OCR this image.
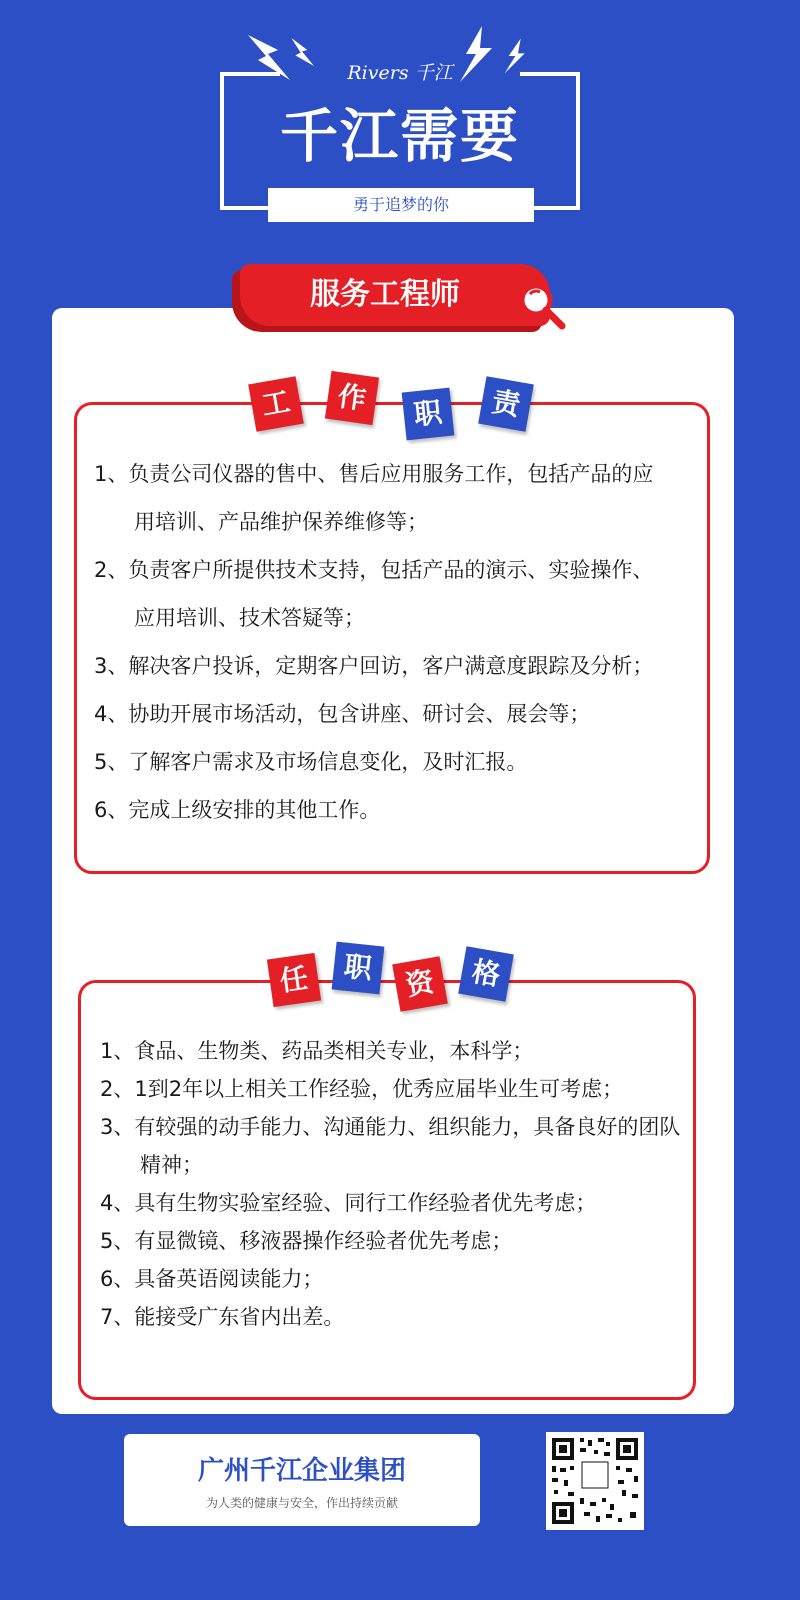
Rivers 千江
千江需要
勇于追梦的你
服务工程师
工	作	职	责
1、负责公司仪器的售中、售后应用服务工作，包括产品的应用培训、产品维护保养维修等；
2、负责客户所提供技术支持，包括产品的演示、实验操作、应用培训、技术答疑等；
3、解决客户投诉，定期客户回访，客户满意度跟踪及分析；
4、协助开展市场活动，包含讲座、研讨会、展会等；
5、了解客户需求及市场信息变化，及时汇报。
6、完成上级安排的其他工作。
任	职	资	格
1、食品、生物类、药品类相关专业，本科学；
2、1到2年以上相关工作经验，优秀应届毕业生可考虑；
3、有较强的动手能力、沟通能力、组织能力，具备良好的团队精神；
4、具有生物实验室经验、同行工作经验者优先考虑；
5、有显微镜、移液器操作经验者优先考虑；
6、具备英语阅读能力；
7、能接受广东省内出差。
广州千江企业集团
为人类的健康与安全，作出持续贡献
